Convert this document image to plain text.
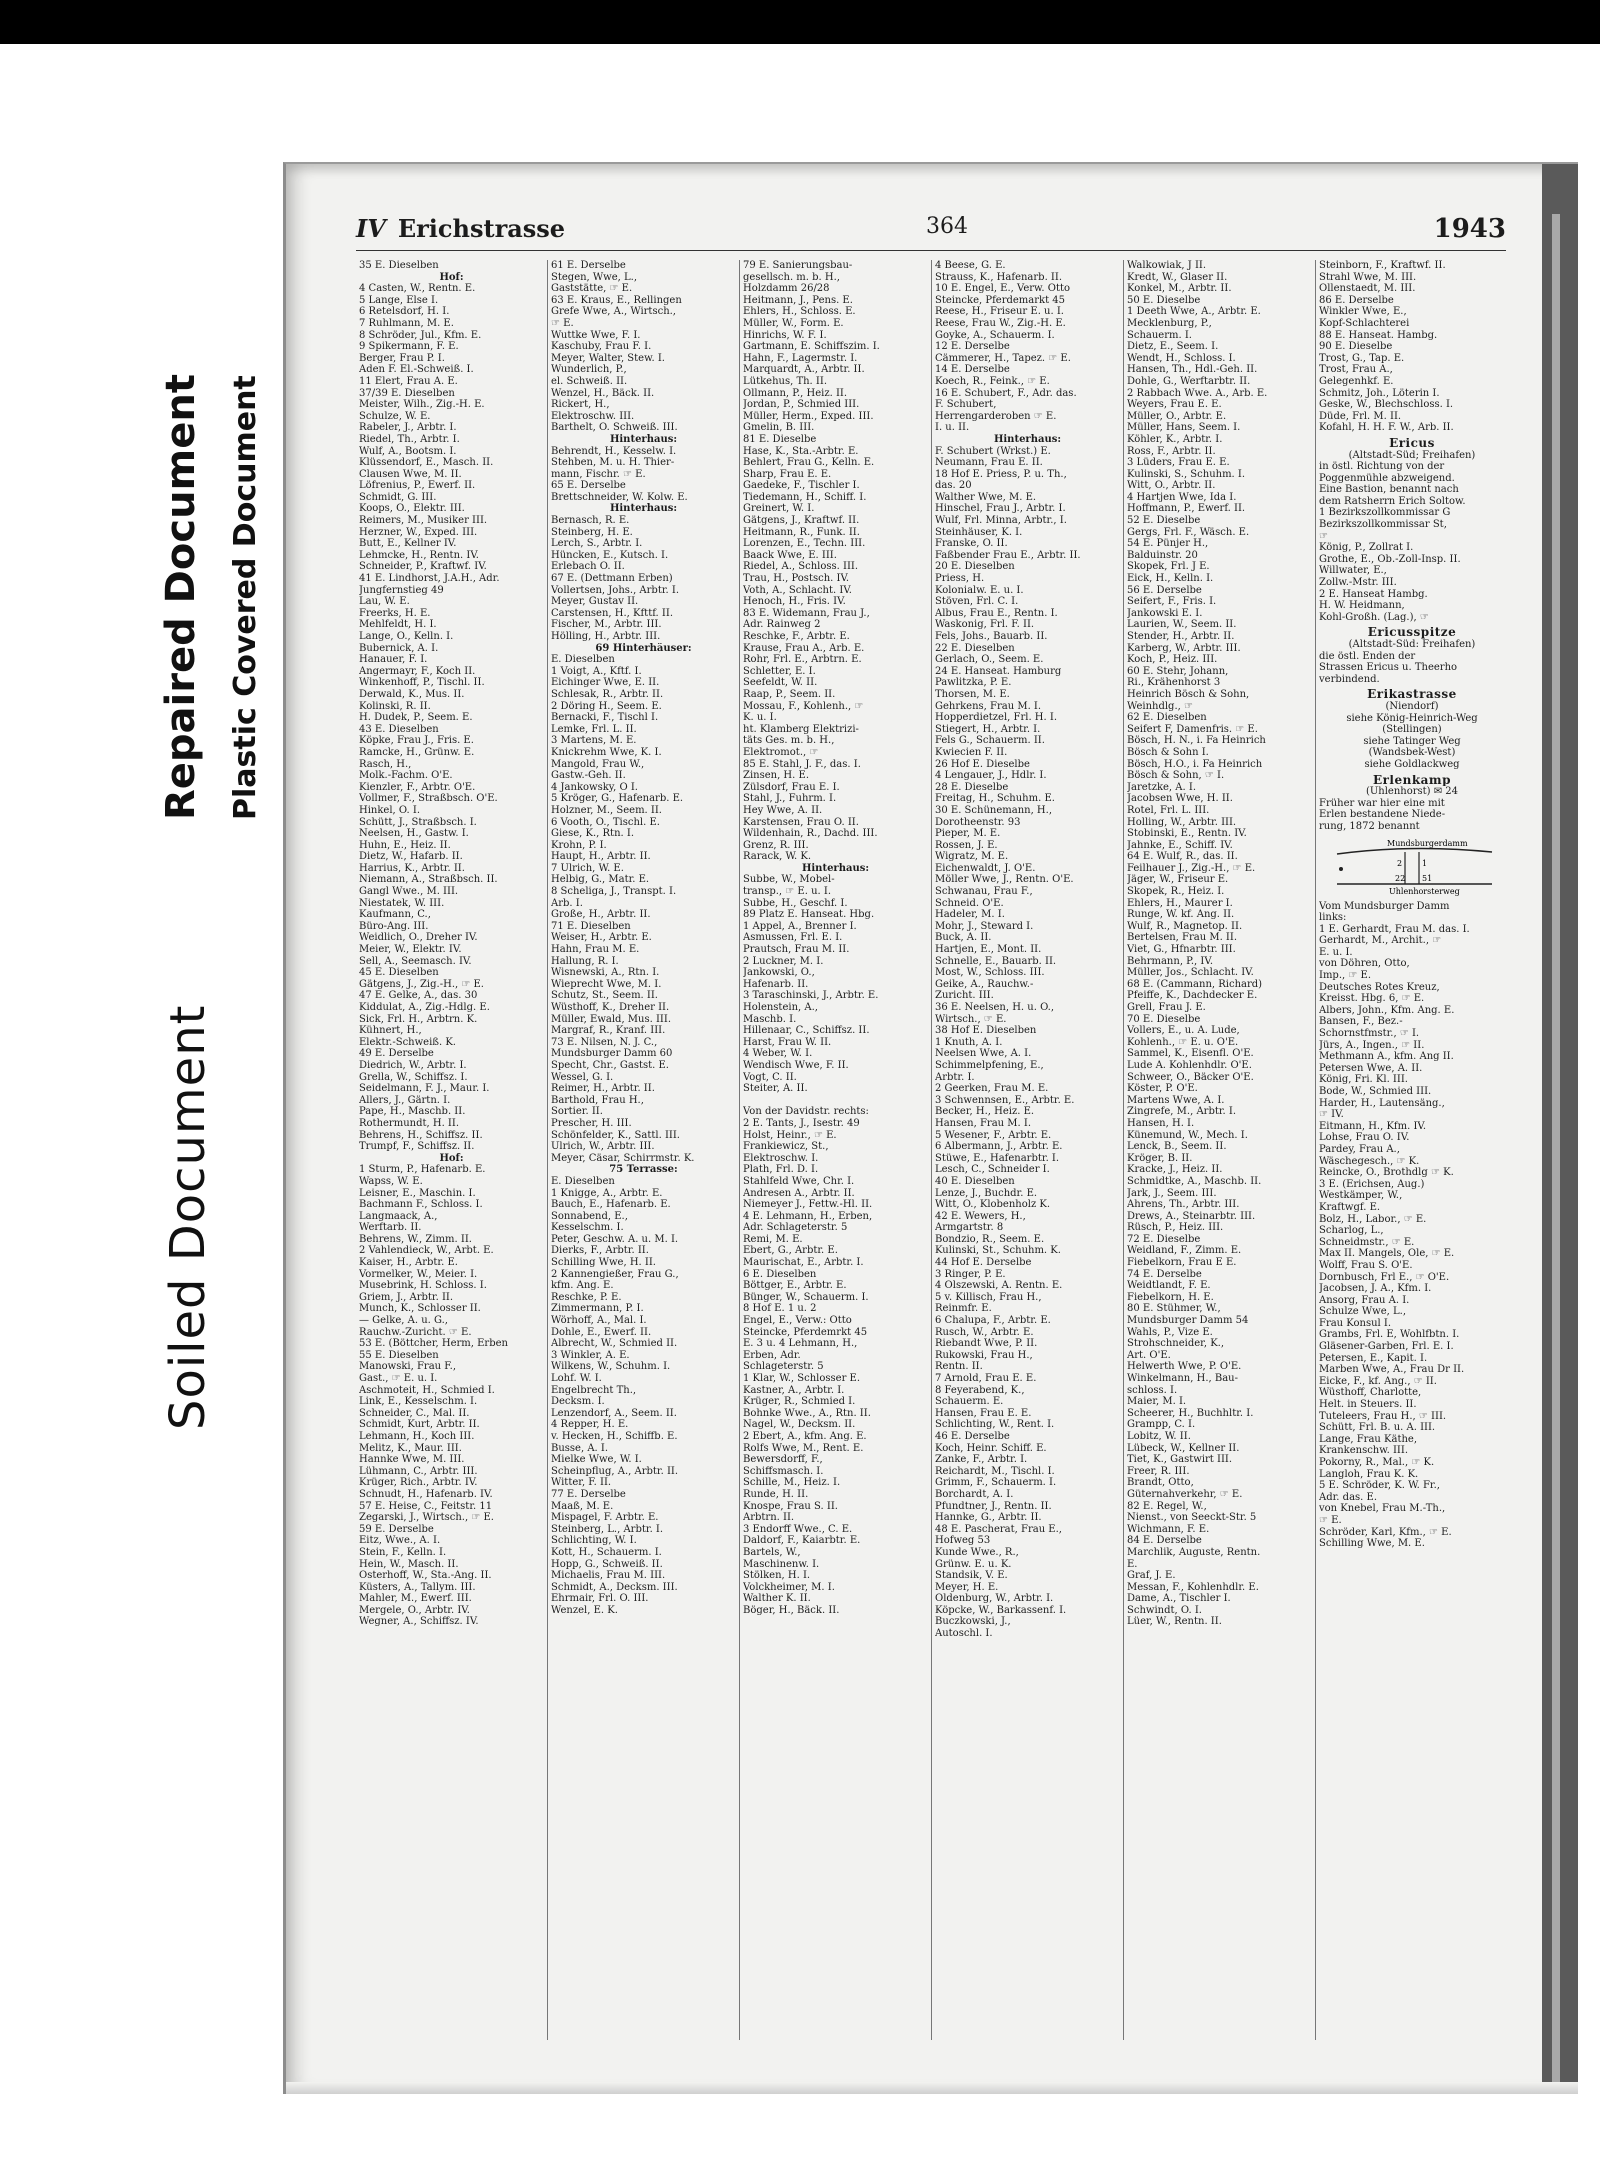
Repaired Document Plastic Covered Document
Soiled Document
IV Erichstrasse	364	1943
35 E. Dieselben
Hof:
4 Casten, W., Rentn. E.
5 Lange, Else I.
6 Retelsdorf, H. I.
7 Ruhlmann, M. E.
8 Schröder, Jul., Kfm. E.
9 Spikermann, F. E.
Berger, Frau P. I.
Aden F. El.-Schweiß. I.
11 Elert, Frau A. E.
37/39 E. Dieselben
Meister, Wilh., Zig.-H. E.
Schulze, W. E.
Rabeler, J., Arbtr. I.
Riedel, Th., Arbtr. I.
Wulf, A., Bootsm. I.
Klüssendorf, E., Masch. II.
Clausen Wwe, M. II.
Löfrenius, P., Ewerf. II.
Schmidt, G. III.
Koops, O., Elektr. III.
Reimers, M., Musiker III.
Herzner, W., Exped. III.
Butt, E., Kellner IV.
Lehmcke, H., Rentn. IV.
Schneider, P., Kraftwf. IV.
41 E. Lindhorst, J.A.H., Adr.
Jungfernstieg 49
Lau, W. E.
Freerks, H. E.
Mehlfeldt, H. I.
Lange, O., Kelln. I.
Bubernick, A. I.
Hanauer, F. I.
Angermayr, F., Koch II.
Winkenhoff, P., Tischl. II.
Derwald, K., Mus. II.
Kolinski, R. II.
H. Dudek, P., Seem. E.
43 E. Dieselben
Köpke, Frau J., Fris. E.
Ramcke, H., Grünw. E.
Rasch, H.,
Molk.-Fachm. O'E.
Kienzler, F., Arbtr. O'E.
Vollmer, F., Straßbsch. O'E.
Hinkel, O. I.
Schütt, J., Straßbsch. I.
Neelsen, H., Gastw. I.
Huhn, E., Heiz. II.
Dietz, W., Hafarb. II.
Harrius, K., Arbtr. II.
Niemann, A., Straßbsch. II.
Gangl Wwe., M. III.
Niestatek, W. III.
Kaufmann, C.,
Büro-Ang. III.
Weidlich, O., Dreher IV.
Meier, W., Elektr. IV.
Sell, A., Seemasch. IV.
45 E. Dieselben
Gätgens, J., Zig.-H., ☞ E.
47 E. Gelke, A., das. 30
Kiddulat, A., Zig.-Hdlg. E.
Sick, Frl. H., Arbtrn. K.
Kühnert, H.,
Elektr.-Schweiß. K.
49 E. Derselbe
Diedrich, W., Arbtr. I.
Grella, W., Schiffsz. I.
Seidelmann, F. J., Maur. I.
Allers, J., Gärtn. I.
Pape, H., Maschb. II.
Rothermundt, H. II.
Behrens, H., Schiffsz. II.
Trumpf, F., Schiffsz. II.
Hof:
1 Sturm, P., Hafenarb. E.
Wapss, W. E.
Leisner, E., Maschin. I.
Bachmann F., Schloss. I.
Langmaack, A.,
Werftarb. II.
Behrens, W., Zimm. II.
2 Vahlendieck, W., Arbt. E.
Kaiser, H., Arbtr. E.
Vormelker, W., Meier. I.
Musebrink, H. Schloss. I.
Griem, J., Arbtr. II.
Munch, K., Schlosser II.
— Gelke, A. u. G.,
Rauchw.-Zuricht. ☞ E.
53 E. (Böttcher, Herm, Erben
55 E. Dieselben
Manowski, Frau F.,
Gast., ☞ E. u. I.
Aschmoteit, H., Schmied I.
Link, E., Kesselschm. I.
Schneider, C., Mal. II.
Schmidt, Kurt, Arbtr. II.
Lehmann, H., Koch III.
Melitz, K., Maur. III.
Hannke Wwe, M. III.
Lühmann, C., Arbtr. III.
Krüger, Rich., Arbtr. IV.
Schnudt, H., Hafenarb. IV.
57 E. Heise, C., Feitstr. 11
Zegarski, J., Wirtsch., ☞ E.
59 E. Derselbe
Eitz, Wwe., A. I.
Stein, F., Kelln. I.
Hein, W., Masch. II.
Osterhoff, W., Sta.-Ang. II.
Küsters, A., Tallym. III.
Mahler, M., Ewerf. III.
Mergele, O., Arbtr. IV.
Wegner, A., Schiffsz. IV.
61 E. Derselbe
Stegen, Wwe, L.,
Gaststätte, ☞ E.
63 E. Kraus, E., Rellingen
Grefe Wwe, A., Wirtsch.,
☞ E.
Wuttke Wwe, F. I.
Kaschuby, Frau F. I.
Meyer, Walter, Stew. I.
Wunderlich, P.,
el. Schweiß. II.
Wenzel, H., Bäck. II.
Rickert, H.,
Elektroschw. III.
Barthelt, O. Schweiß. III.
Hinterhaus:
Behrendt, H., Kesselw. I.
Stehben, M. u. H. Thier-
mann, Fischr. ☞ E.
65 E. Derselbe
Brettschneider, W. Kolw. E.
Hinterhaus:
Bernasch, R. E.
Steinberg, H. E.
Lerch, S., Arbtr. I.
Hüncken, E., Kutsch. I.
Erlebach O. II.
67 E. (Dettmann Erben)
Vollertsen, Johs., Arbtr. I.
Meyer, Gustav II.
Carstensen, H., Kfttf. II.
Fischer, M., Arbtr. III.
Hölling, H., Arbtr. III.
69 Hinterhäuser:
E. Dieselben
1 Voigt, A., Kftf. I.
Eichinger Wwe, E. II.
Schlesak, R., Arbtr. II.
2 Döring H., Seem. E.
Bernacki, F., Tischl I.
Lemke, Frl. L. II.
3 Martens, M. E.
Knickrehm Wwe, K. I.
Mangold, Frau W.,
Gastw.-Geh. II.
4 Jankowsky, O I.
5 Kröger, G., Hafenarb. E.
Holzner, M., Seem. II.
6 Vooth, O., Tischl. E.
Giese, K., Rtn. I.
Krohn, P. I.
Haupt, H., Arbtr. II.
7 Ulrich, W. E.
Helbig, G., Matr. E.
8 Scheliga, J., Transpt. I.
Arb. I.
Große, H., Arbtr. II.
71 E. Dieselben
Weiser, H., Arbtr. E.
Hahn, Frau M. E.
Hallung, R. I.
Wisnewski, A., Rtn. I.
Wieprecht Wwe, M. I.
Schutz, St., Seem. II.
Wüsthoff, K., Dreher II.
Müller, Ewald, Mus. III.
Margraf, R., Kranf. III.
73 E. Nilsen, N. J. C.,
Mundsburger Damm 60
Specht, Chr., Gastst. E.
Wessel, G. I.
Reimer, H., Arbtr. II.
Barthold, Frau H.,
Sortier. II.
Prescher, H. III.
Schönfelder, K., Sattl. III.
Ulrich, W., Arbtr. III.
Meyer, Cäsar, Schirrmstr. K.
75 Terrasse:
E. Dieselben
1 Knigge, A., Arbtr. E.
Bauch, E., Hafenarb. E.
Sonnabend, E.,
Kesselschm. I.
Peter, Geschw. A. u. M. I.
Dierks, F., Arbtr. II.
Schilling Wwe, H. II.
2 Kannengießer, Frau G.,
kfm. Ang. E.
Reschke, P. E.
Zimmermann, P. I.
Wörhoff, A., Mal. I.
Dohle, E., Ewerf. II.
Albrecht, W., Schmied II.
3 Winkler, A. E.
Wilkens, W., Schuhm. I.
Lohf. W. I.
Engelbrecht Th.,
Decksm. I.
Lenzendorf, A., Seem. II.
4 Repper, H. E.
v. Hecken, H., Schiffb. E.
Busse, A. I.
Mielke Wwe, W. I.
Scheinpflug, A., Arbtr. II.
Witter, F. II.
77 E. Derselbe
Maaß, M. E.
Mispagel, F. Arbtr. E.
Steinberg, L., Arbtr. I.
Schlichting, W. I.
Kott, H., Schauerm. I.
Hopp, G., Schweiß. II.
Michaelis, Frau M. III.
Schmidt, A., Decksm. III.
Ehrmair, Frl. O. III.
Wenzel, E. K.
79 E. Sanierungsbau-
gesellsch. m. b. H.,
Holzdamm 26/28
Heitmann, J., Pens. E.
Ehlers, H., Schloss. E.
Müller, W., Form. E.
Hinrichs, W. F. I.
Gartmann, E. Schiffszim. I.
Hahn, F., Lagermstr. I.
Marquardt, A., Arbtr. II.
Lütkehus, Th. II.
Ollmann, P., Heiz. II.
Jordan, P., Schmied III.
Müller, Herm., Exped. III.
Gmelin, B. III.
81 E. Dieselbe
Hase, K., Sta.-Arbtr. E.
Behlert, Frau G., Kelln. E.
Sharp, Frau E. E.
Gaedeke, F., Tischler I.
Tiedemann, H., Schiff. I.
Greinert, W. I.
Gätgens, J., Kraftwf. II.
Heitmann, R., Funk. II.
Lorenzen, E., Techn. III.
Baack Wwe, E. III.
Riedel, A., Schloss. III.
Trau, H., Postsch. IV.
Voth, A., Schlacht. IV.
Henoch, H., Fris. IV.
83 E. Widemann, Frau J.,
Adr. Rainweg 2
Reschke, F., Arbtr. E.
Krause, Frau A., Arb. E.
Rohr, Frl. E., Arbtrn. E.
Schletter, E. I.
Seefeldt, W. II.
Raap, P., Seem. II.
Mossau, F., Kohlenh., ☞
K. u. I.
ht. Klamberg Elektrizi-
täts Ges. m. b. H.,
Elektromot., ☞
85 E. Stahl, J. F., das. I.
Zinsen, H. E.
Zülsdorf, Frau E. I.
Stahl, J., Fuhrm. I.
Hey Wwe, A. II.
Karstensen, Frau O. II.
Wildenhain, R., Dachd. III.
Grenz, R. III.
Rarack, W. K.
Hinterhaus:
Subbe, W., Mobel-
transp., ☞ E. u. I.
Subbe, H., Geschf. I.
89 Platz E. Hanseat. Hbg.
1 Appel, A., Brenner I.
Asmussen, Frl. E. I.
Prautsch, Frau M. II.
2 Luckner, M. I.
Jankowski, O.,
Hafenarb. II.
3 Taraschinski, J., Arbtr. E.
Holenstein, A.,
Maschb. I.
Hillenaar, C., Schiffsz. II.
Harst, Frau W. II.
4 Weber, W. I.
Wendisch Wwe, F. II.
Vogt, C. II.
Steiter, A. II.

Von der Davidstr. rechts:
2 E. Tants, J., Isestr. 49
Holst, Heinr., ☞ E.
Frankiewicz, St.,
Elektroschw. I.
Plath, Frl. D. I.
Stahlfeld Wwe, Chr. I.
Andresen A., Arbtr. II.
Niemeyer J., Fettw.-Hl. II.
4 E. Lehmann, H., Erben,
Adr. Schlageterstr. 5
Remi, M. E.
Ebert, G., Arbtr. E.
Maurischat, E., Arbtr. I.
6 E. Dieselben
Böttger, E., Arbtr. E.
Bünger, W., Schauerm. I.
8 Hof E. 1 u. 2
Engel, E., Verw.: Otto
Steincke, Pferdemrkt 45
E. 3 u. 4 Lehmann, H.,
Erben, Adr.
Schlageterstr. 5
1 Klar, W., Schlosser E.
Kastner, A., Arbtr. I.
Krüger, R., Schmied I.
Bohnke Wwe., A., Rtn. II.
Nagel, W., Decksm. II.
2 Ebert, A., kfm. Ang. E.
Rolfs Wwe, M., Rent. E.
Bewersdorff, F.,
Schiffsmasch. I.
Schille, M., Heiz. I.
Runde, H. II.
Knospe, Frau S. II.
Arbtrn. II.
3 Endorff Wwe., C. E.
Daldorf, F., Kaiarbtr. E.
Bartels, W.,
Maschinenw. I.
Stölken, H. I.
Volckheimer, M. I.
Walther K. II.
Böger, H., Bäck. II.
4 Beese, G. E.
Strauss, K., Hafenarb. II.
10 E. Engel, E., Verw. Otto
Steincke, Pferdemarkt 45
Reese, H., Friseur E. u. I.
Reese, Frau W., Zig.-H. E.
Goyke, A., Schauerm. I.
12 E. Derselbe
Cämmerer, H., Tapez. ☞ E.
14 E. Derselbe
Koech, R., Feink., ☞ E.
16 E. Schubert, F., Adr. das.
F. Schubert,
Herrengarderoben ☞ E.
I. u. II.
Hinterhaus:
F. Schubert (Wrkst.) E.
Neumann, Frau E. II.
18 Hof E. Priess, P. u. Th.,
das. 20
Walther Wwe, M. E.
Hinschel, Frau J., Arbtr. I.
Wulf, Frl. Minna, Arbtr., I.
Steinhäuser, K. I.
Franske, O. II.
Faßbender Frau E., Arbtr. II.
20 E. Dieselben
Priess, H.
Kolonialw. E. u. I.
Stöven, Frl. C. I.
Albus, Frau E., Rentn. I.
Waskonig, Frl. F. II.
Fels, Johs., Bauarb. II.
22 E. Dieselben
Gerlach, O., Seem. E.
24 E. Hanseat. Hamburg
Pawlitzka, P. E.
Thorsen, M. E.
Gehrkens, Frau M. I.
Hopperdietzel, Frl. H. I.
Stiegert, H., Arbtr. I.
Fels G., Schauerm. II.
Kwiecien F. II.
26 Hof E. Dieselbe
4 Lengauer, J., Hdlr. I.
28 E. Dieselbe
Freitag, H., Schuhm. E.
30 E. Schünemann, H.,
Dorotheenstr. 93
Pieper, M. E.
Rossen, J. E.
Wigratz, M. E.
Eichenwaldt, J. O'E.
Möller Wwe, J., Rentn. O'E.
Schwanau, Frau F.,
Schneid. O'E.
Hadeler, M. I.
Mohr, J., Steward I.
Buck, A. II.
Hartjen, E., Mont. II.
Schnelle, E., Bauarb. II.
Most, W., Schloss. III.
Geike, A., Rauchw.-
Zuricht. III.
36 E. Neelsen, H. u. O.,
Wirtsch., ☞ E.
38 Hof E. Dieselben
1 Knuth, A. I.
Neelsen Wwe, A. I.
Schimmelpfening, E.,
Arbtr. I.
2 Geerken, Frau M. E.
3 Schwennsen, E., Arbtr. E.
Becker, H., Heiz. E.
Hansen, Frau M. I.
5 Wesener, F., Arbtr. E.
6 Albermann, J., Arbtr. E.
Stüwe, E., Hafenarbtr. I.
Lesch, C., Schneider I.
40 E. Dieselben
Lenze, J., Buchdr. E.
Witt, O., Klobenholz K.
42 E. Wewers, H.,
Armgartstr. 8
Bondzio, R., Seem. E.
Kulinski, St., Schuhm. K.
44 Hof E. Derselbe
3 Ringer, P. E.
4 Olszewski, A. Rentn. E.
5 v. Killisch, Frau H.,
Reinmfr. E.
6 Chalupa, F., Arbtr. E.
Rusch, W., Arbtr. E.
Riebandt Wwe, P. II.
Rukowski, Frau H.,
Rentn. II.
7 Arnold, Frau E. E.
8 Feyerabend, K.,
Schauerm. E.
Hansen, Frau E. E.
Schlichting, W., Rent. I.
46 E. Derselbe
Koch, Heinr. Schiff. E.
Zanke, F., Arbtr. I.
Reichardt, M., Tischl. I.
Grimm, F., Schauerm. I.
Borchardt, A. I.
Pfundtner, J., Rentn. II.
Hannke, G., Arbtr. II.
48 E. Pascherat, Frau E.,
Hofweg 53
Kunde Wwe., R.,
Grünw. E. u. K.
Standsik, V. E.
Meyer, H. E.
Oldenburg, W., Arbtr. I.
Köpcke, W., Barkassenf. I.
Buczkowski, J.,
Autoschl. I.
Walkowiak, J II.
Kredt, W., Glaser II.
Konkel, M., Arbtr. II.
50 E. Dieselbe
1 Deeth Wwe, A., Arbtr. E.
Mecklenburg, P.,
Schauerm. I.
Dietz, E., Seem. I.
Wendt, H., Schloss. I.
Hansen, Th., Hdl.-Geh. II.
Dohle, G., Werftarbtr. II.
2 Rabbach Wwe. A., Arb. E.
Weyers, Frau E. E.
Müller, O., Arbtr. E.
Müller, Hans, Seem. I.
Köhler, K., Arbtr. I.
Ross, F., Arbtr. II.
3 Lüders, Frau E. E.
Kulinski, S., Schuhm. I.
Witt, O., Arbtr. II.
4 Hartjen Wwe, Ida I.
Hoffmann, P., Ewerf. II.
52 E. Dieselbe
Gergs, Frl. F., Wäsch. E.
54 E. Pünjer H.,
Balduinstr. 20
Skopek, Frl. J E.
Eick, H., Kelln. I.
56 E. Derselbe
Seifert, F., Fris. I.
Jankowski E. I.
Laurien, W., Seem. II.
Stender, H., Arbtr. II.
Karberg, W., Arbtr. III.
Koch, P., Heiz. III.
60 E. Stehr, Johann,
Ri., Krähenhorst 3
Heinrich Bösch & Sohn,
Weinhdlg., ☞
62 E. Dieselben
Seifert F, Damenfris. ☞ E.
Bösch, H. N., i. Fa Heinrich
Bösch & Sohn I.
Bösch, H.O., i. Fa Heinrich
Bösch & Sohn, ☞ I.
Jaretzke, A. I.
Jacobsen Wwe, H. II.
Rotel, Frl. L. III.
Holling, W., Arbtr. III.
Stobinski, E., Rentn. IV.
Jahnke, E., Schiff. IV.
64 E. Wulf, R., das. II.
Feilhauer J., Zig.-H., ☞ E.
Jäger, W., Friseur E.
Skopek, R., Heiz. I.
Ehlers, H., Maurer I.
Runge, W. kf. Ang. II.
Wulf, R., Magnetop. II.
Bertelsen, Frau M. II.
Viet, G., Hfnarbtr. III.
Behrmann, P., IV.
Müller, Jos., Schlacht. IV.
68 E. (Cammann, Richard)
Pfeiffe, K., Dachdecker E.
Grell, Frau J. E.
70 E. Dieselbe
Vollers, E., u. A. Lude,
Kohlenh., ☞ E. u. O'E.
Sammel, K., Eisenfl. O'E.
Lude A. Kohlenhdlr. O'E.
Schweer, O., Bäcker O'E.
Köster, P. O'E.
Martens Wwe, A. I.
Zingrefe, M., Arbtr. I.
Hansen, H. I.
Künemund, W., Mech. I.
Lenck, B., Seem. II.
Kröger, B. II.
Kracke, J., Heiz. II.
Schmidtke, A., Maschb. II.
Jark, J., Seem. III.
Ahrens, Th., Arbtr. III.
Drews, A., Steinarbtr. III.
Rüsch, P., Heiz. III.
72 E. Dieselbe
Weidland, F., Zimm. E.
Fiebelkorn, Frau E E.
74 E. Derselbe
Weidtlandt, F. E.
Fiebelkorn, H. E.
80 E. Stühmer, W.,
Mundsburger Damm 54
Wahls, P., Vize E.
Strohschneider, K.,
Art. O'E.
Helwerth Wwe, P. O'E.
Winkelmann, H., Bau-
schloss. I.
Maier, M. I.
Scheerer, H., Buchhltr. I.
Grampp, C. I.
Lobitz, W. II.
Lübeck, W., Kellner II.
Tiet, K., Gastwirt III.
Freer, R. III.
Brandt, Otto,
Güternahverkehr, ☞ E.
82 E. Regel, W.,
Nienst., von Seeckt-Str. 5
Wichmann, F. E.
84 E. Derselbe
Marchlik, Auguste, Rentn.
E.
Graf, J. E.
Messan, F., Kohlenhdlr. E.
Dame, A., Tischler I.
Schwindt, O. I.
Lüer, W., Rentn. II.
Steinborn, F., Kraftwf. II.
Strahl Wwe, M. III.
Ollenstaedt, M. III.
86 E. Derselbe
Winkler Wwe, E.,
Kopf-Schlachterei
88 E. Hanseat. Hambg.
90 E. Dieselbe
Trost, G., Tap. E.
Trost, Frau A.,
Gelegenhkf. E.
Schmitz, Joh., Löterin I.
Geske, W., Blechschloss. I.
Düde, Frl. M. II.
Kofahl, H. H. F. W., Arb. II.
Ericus
(Altstadt-Süd; Freihafen)
in östl. Richtung von der
Poggenmühle abzweigend.
Eine Bastion, benannt nach
dem Ratsherrn Erich Soltow.
1 Bezirkszollkommissar G
Bezirkszollkommissar St,
☞
König, P., Zollrat I.
Grothe, E., Ob.-Zoll-Insp. II.
Willwater, E.,
Zollw.-Mstr. III.
2 E. Hanseat Hambg.
H. W. Heidmann,
Kohl-Großh. (Lag.), ☞
Ericusspitze
(Altstadt-Süd: Freihafen)
die östl. Enden der
Strassen Ericus u. Theerho
verbindend.
Erikastrasse
(Niendorf)
siehe König-Heinrich-Weg
(Stellingen)
siehe Tatinger Weg
(Wandsbek-West)
siehe Goldlackweg
Erlenkamp
(Uhlenhorst) ✉ 24
Früher war hier eine mit
Erlen bestandene Niede-
rung, 1872 benannt
Mundsburgerdamm
Uhlenhorsterweg
2 1
22 51
Vom Mundsburger Damm
links:
1 E. Gerhardt, Frau M. das. I.
Gerhardt, M., Archit., ☞
E. u. I.
von Döhren, Otto,
Imp., ☞ E.
Deutsches Rotes Kreuz,
Kreisst. Hbg. 6, ☞ E.
Albers, John., Kfm. Ang. E.
Bansen, F., Bez.-
Schornstfmstr., ☞ I.
Jürs, A., Ingen., ☞ II.
Methmann A., kfm. Ang II.
Petersen Wwe, A. II.
König, Fri. Kl. III.
Bode, W., Schmied III.
Harder, H., Lautensäng.,
☞ IV.
Eitmann, H., Kfm. IV.
Lohse, Frau O. IV.
Pardey, Frau A.,
Wäschegesch., ☞ K.
Reincke, O., Brothdlg ☞ K.
3 E. (Erichsen, Aug.)
Westkämper, W.,
Kraftwgf. E.
Bolz, H., Labor., ☞ E.
Scharlog, L.,
Schneidmstr., ☞ E.
Max II. Mangels, Ole, ☞ E.
Wolff, Frau S. O'E.
Dornbusch, Frl E., ☞ O'E.
Jacobsen, J. A., Kfm. I.
Ansorg, Frau A. I.
Schulze Wwe, L.,
Frau Konsul I.
Grambs, Frl. E, Wohlfbtn. I.
Gläsener-Garben, Frl. E. I.
Petersen, E., Kapit. I.
Marben Wwe, A., Frau Dr II.
Eicke, F., kf. Ang., ☞ II.
Wüsthoff, Charlotte,
Helt. in Steuers. II.
Tuteleers, Frau H., ☞ III.
Schütt, Frl. B. u. A. III.
Lange, Frau Käthe,
Krankenschw. III.
Pokorny, R., Mal., ☞ K.
Langloh, Frau K. K.
5 E. Schröder, K. W. Fr.,
Adr. das. E.
von Knebel, Frau M.-Th.,
☞ E.
Schröder, Karl, Kfm., ☞ E.
Schilling Wwe, M. E.
